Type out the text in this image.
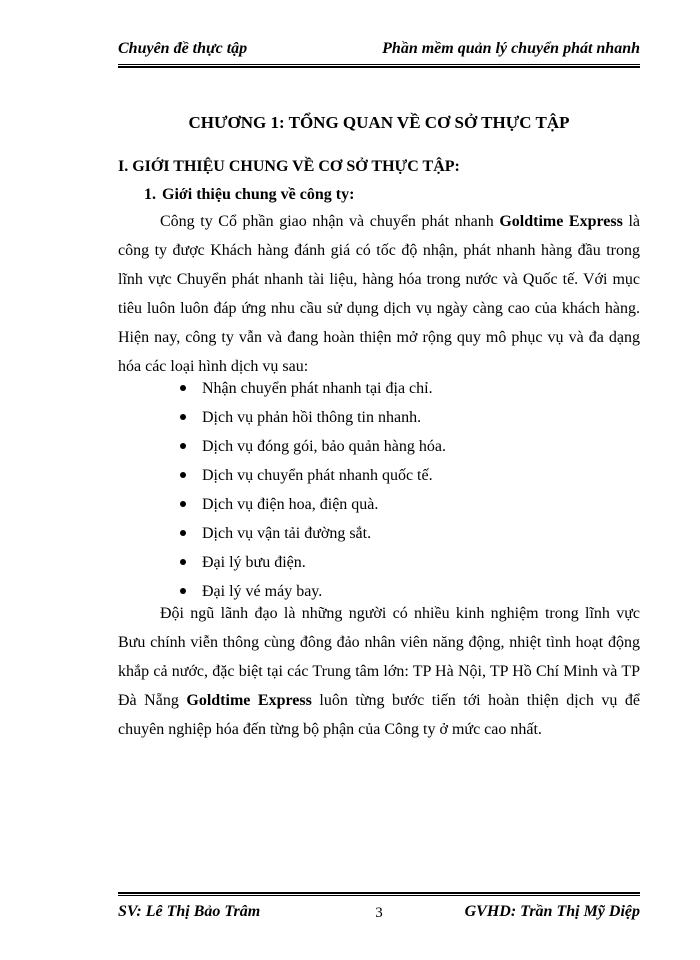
Chuyên đề thực tập	Phần mềm quản lý chuyển phát nhanh
CHƯƠNG 1: TỔNG QUAN VỀ CƠ SỞ THỰC TẬP
I. GIỚI THIỆU CHUNG VỀ CƠ SỞ THỰC TẬP:
1. Giới thiệu chung về công ty:
Công ty Cổ phần giao nhận và chuyển phát nhanh Goldtime Express là công ty được Khách hàng đánh giá có tốc độ nhận, phát nhanh hàng đầu trong lĩnh vực Chuyển phát nhanh tài liệu, hàng hóa trong nước và Quốc tế. Với mục tiêu luôn luôn đáp ứng nhu cầu sử dụng dịch vụ ngày càng cao của khách hàng. Hiện nay, công ty vẫn và đang hoàn thiện mở rộng quy mô phục vụ và đa dạng hóa các loại hình dịch vụ sau:
Nhận chuyển phát nhanh tại địa chỉ.
Dịch vụ phản hồi thông tin nhanh.
Dịch vụ đóng gói, bảo quản hàng hóa.
Dịch vụ chuyển phát nhanh quốc tế.
Dịch vụ điện hoa, điện quà.
Dịch vụ vận tải đường sắt.
Đại lý bưu điện.
Đại lý vé máy bay.
Đội ngũ lãnh đạo là những người có nhiều kinh nghiệm trong lĩnh vực Bưu chính viễn thông cùng đông đảo nhân viên năng động, nhiệt tình hoạt động khắp cả nước, đặc biệt tại các Trung tâm lớn: TP Hà Nội, TP Hồ Chí Minh và TP Đà Nẵng Goldtime Express luôn từng bước tiến tới hoàn thiện dịch vụ để chuyên nghiệp hóa đến từng bộ phận của Công ty ở mức cao nhất.
SV: Lê Thị Bảo Trâm	3	GVHD: Trần Thị Mỹ Diệp
